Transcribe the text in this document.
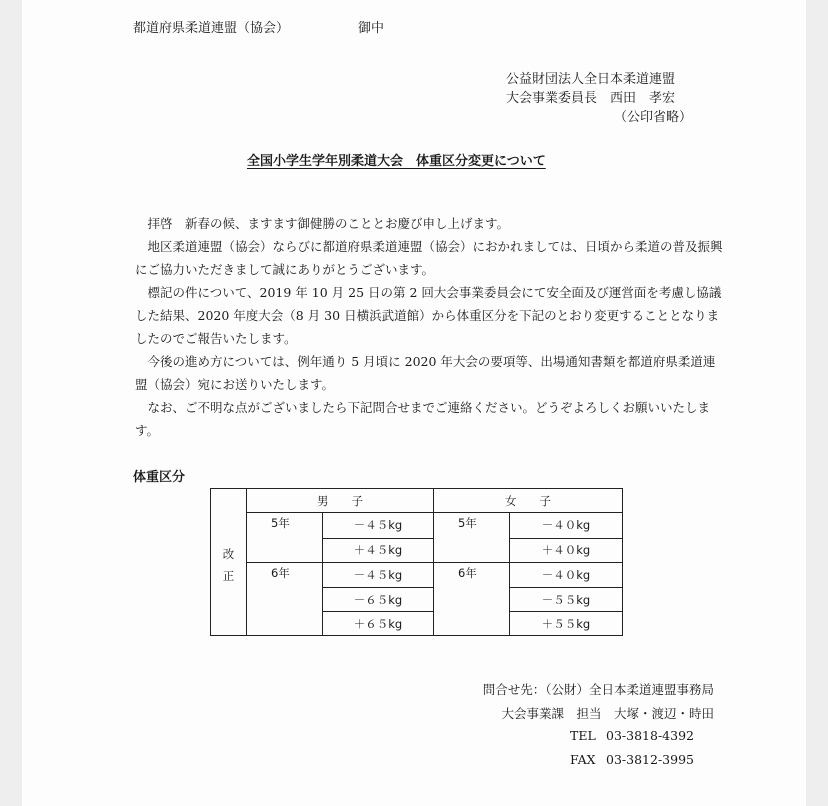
都道府県柔道連盟（協会）	御中
公益財団法人全日本柔道連盟
大会事業委員長　西田　孝宏
（公印省略）
全国小学生学年別柔道大会　体重区分変更について

拝啓　新春の候、ますます御健勝のこととお慶び申し上げます。

地区柔道連盟（協会）ならびに都道府県柔道連盟（協会）におかれましては、日頃から柔道の普及振興にご協力いただきまして誠にありがとうございます。

標記の件について、2019 年 10 月 25 日の第 2 回大会事業委員会にて安全面及び運営面を考慮し協議した結果、2020 年度大会（8 月 30 日横浜武道館）から体重区分を下記のとおり変更することとなりましたのでご報告いたします。

今後の進め方については、例年通り 5 月頃に 2020 年大会の要項等、出場通知書類を都道府県柔道連盟（協会）宛にお送りいたします。

なお、ご不明な点がございましたら下記問合せまでご連絡ください。どうぞよろしくお願いいたします。

体重区分
	男　　子		女　　子	
改	5年	－４５kg	5年	－４０kg
		＋４５kg		＋４０kg
正	6年	－４５kg	6年	－４０kg
		－６５kg		－５５kg
		＋６５kg		＋５５kg
問合せ先：（公財）全日本柔道連盟事務局
大会事業課　担当　大塚・渡辺・時田
TEL 03-3818-4392
FAX 03-3812-3995
